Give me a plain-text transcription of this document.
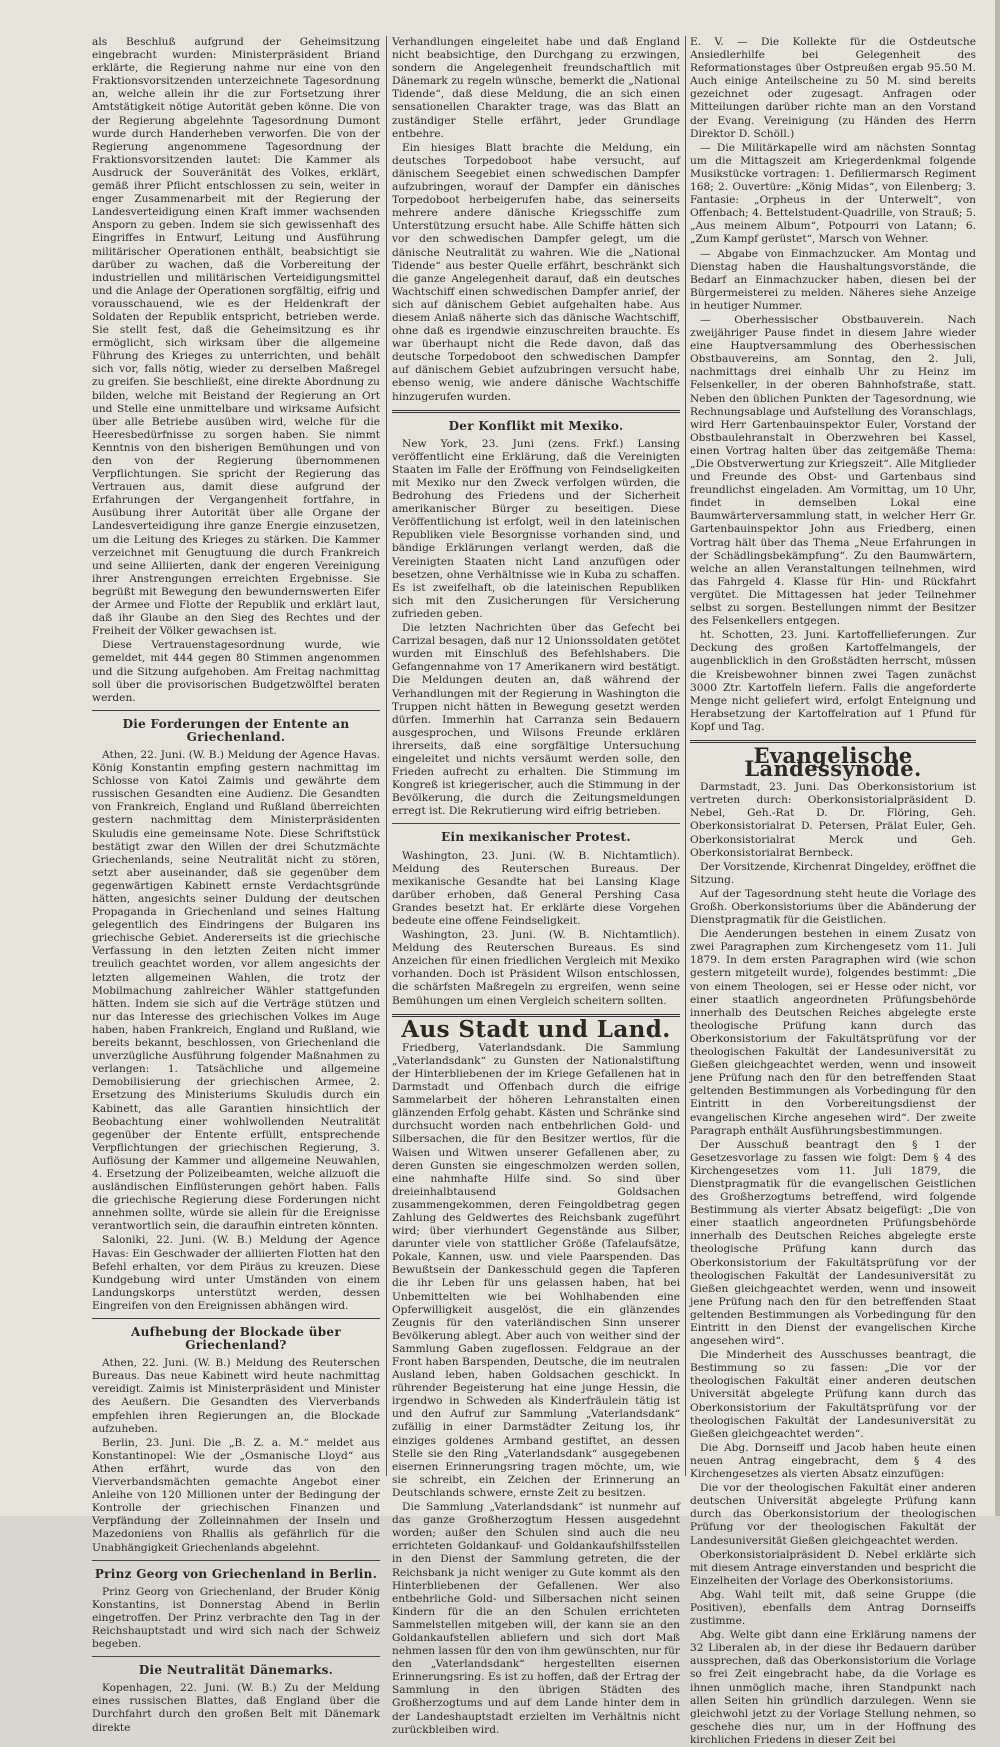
als Beschluß aufgrund der Geheimsitzung eingebracht wurden: Ministerpräsident Briand erklärte, die Regierung nahme nur eine von den Fraktionsvorsitzenden unterzeichnete Tagesordnung an, welche allein ihr die zur Fortsetzung ihrer Amtstätigkeit nötige Autorität geben könne. Die von der Regierung abgelehnte Tagesordnung Dumont wurde durch Handerheben verworfen. Die von der Regierung angenommene Tagesordnung der Fraktionsvorsitzenden lautet: Die Kammer als Ausdruck der Souveränität des Volkes, erklärt, gemäß ihrer Pflicht entschlossen zu sein, weiter in enger Zusammenarbeit mit der Regierung der Landesverteidigung einen Kraft immer wachsenden Ansporn zu geben. Indem sie sich gewissenhaft des Eingriffes in Entwurf, Leitung und Ausführung militärischer Operationen enthält, beabsichtigt sie darüber zu wachen, daß die Vorbereitung der industriellen und militärischen Verteidigungsmittel und die Anlage der Operationen sorgfältig, eifrig und vorausschauend, wie es der Heldenkraft der Soldaten der Republik entspricht, betrieben werde. Sie stellt fest, daß die Geheimsitzung es ihr ermöglicht, sich wirksam über die allgemeine Führung des Krieges zu unterrichten, und behält sich vor, falls nötig, wieder zu derselben Maßregel zu greifen. Sie beschließt, eine direkte Abordnung zu bilden, welche mit Beistand der Regierung an Ort und Stelle eine unmittelbare und wirksame Aufsicht über alle Betriebe ausüben wird, welche für die Heeresbedürfnisse zu sorgen haben. Sie nimmt Kenntnis von den bisherigen Bemühungen und von den von der Regierung übernommenen Verpflichtungen. Sie spricht der Regierung das Vertrauen aus, damit diese aufgrund der Erfahrungen der Vergangenheit fortfahre, in Ausübung ihrer Autorität über alle Organe der Landesverteidigung ihre ganze Energie einzusetzen, um die Leitung des Krieges zu stärken. Die Kammer verzeichnet mit Genugtuung die durch Frankreich und seine Alliierten, dank der engeren Vereinigung ihrer Anstrengungen erreichten Ergebnisse. Sie begrüßt mit Bewegung den bewundernswerten Eifer der Armee und Flotte der Republik und erklärt laut, daß ihr Glaube an den Sieg des Rechtes und der Freiheit der Völker gewachsen ist.

Diese Vertrauenstagesordnung wurde, wie gemeldet, mit 444 gegen 80 Stimmen angenommen und die Sitzung aufgehoben. Am Freitag nachmittag soll über die provisorischen Budgetzwölftel beraten werden.

Die Forderungen der Entente an Griechenland.

Athen, 22. Juni. (W. B.) Meldung der Agence Havas. König Konstantin empfing gestern nachmittag im Schlosse von Katoi Zaimis und gewährte dem russischen Gesandten eine Audienz. Die Gesandten von Frankreich, England und Rußland überreichten gestern nachmittag dem Ministerpräsidenten Skuludis eine gemeinsame Note. Diese Schriftstück bestätigt zwar den Willen der drei Schutzmächte Griechenlands, seine Neutralität nicht zu stören, setzt aber auseinander, daß sie gegenüber dem gegenwärtigen Kabinett ernste Verdachtsgründe hätten, angesichts seiner Duldung der deutschen Propaganda in Griechenland und seines Haltung gelegentlich des Eindringens der Bulgaren ins griechische Gebiet. Andererseits ist die griechische Verfassung in den letzten Zeiten nicht immer treulich geachtet worden, vor allem angesichts der letzten allgemeinen Wahlen, die trotz der Mobilmachung zahlreicher Wähler stattgefunden hätten. Indem sie sich auf die Verträge stützen und nur das Interesse des griechischen Volkes im Auge haben, haben Frankreich, England und Rußland, wie bereits bekannt, beschlossen, von Griechenland die unverzügliche Ausführung folgender Maßnahmen zu verlangen: 1. Tatsächliche und allgemeine Demobilisierung der griechischen Armee, 2. Ersetzung des Ministeriums Skuludis durch ein Kabinett, das alle Garantien hinsichtlich der Beobachtung einer wohlwollenden Neutralität gegenüber der Entente erfüllt, entsprechende Verpflichtungen der griechischen Regierung, 3. Auflösung der Kammer und allgemeine Neuwahlen, 4. Ersetzung der Polizeibeamten, welche allzuoft die ausländischen Einflüsterungen gehört haben. Falls die griechische Regierung diese Forderungen nicht annehmen sollte, würde sie allein für die Ereignisse verantwortlich sein, die daraufhin eintreten könnten.

Saloniki, 22. Juni. (W. B.) Meldung der Agence Havas: Ein Geschwader der alliierten Flotten hat den Befehl erhalten, vor dem Piräus zu kreuzen. Diese Kundgebung wird unter Umständen von einem Landungskorps unterstützt werden, dessen Eingreifen von den Ereignissen abhängen wird.

Aufhebung der Blockade über Griechenland?

Athen, 22. Juni. (W. B.) Meldung des Reuterschen Bureaus. Das neue Kabinett wird heute nachmittag vereidigt. Zaimis ist Ministerpräsident und Minister des Aeußern. Die Gesandten des Vierverbands empfehlen ihren Regierungen an, die Blockade aufzuheben.

Berlin, 23. Juni. Die „B. Z. a. M.“ meldet aus Konstantinopel: Wie der „Osmanische Lloyd“ aus Athen erfährt, wurde das von den Vierverbandsmächten gemachte Angebot einer Anleihe von 120 Millionen unter der Bedingung der Kontrolle der griechischen Finanzen und Verpfändung der Zolleinnahmen der Inseln und Mazedoniens von Rhallis als gefährlich für die Unabhängigkeit Griechenlands abgelehnt.

Prinz Georg von Griechenland in Berlin.

Prinz Georg von Griechenland, der Bruder König Konstantins, ist Donnerstag Abend in Berlin eingetroffen. Der Prinz verbrachte den Tag in der Reichshauptstadt und wird sich nach der Schweiz begeben.

Die Neutralität Dänemarks.

Kopenhagen, 22. Juni. (W. B.) Zu der Meldung eines russischen Blattes, daß England über die Durchfahrt durch den großen Belt mit Dänemark direkte

Verhandlungen eingeleitet habe und daß England nicht beabsichtige, den Durchgang zu erzwingen, sondern die Angelegenheit freundschaftlich mit Dänemark zu regeln wünsche, bemerkt die „National Tidende“, daß diese Meldung, die an sich einen sensationellen Charakter trage, was das Blatt an zuständiger Stelle erfährt, jeder Grundlage entbehre.

Ein hiesiges Blatt brachte die Meldung, ein deutsches Torpedoboot habe versucht, auf dänischem Seegebiet einen schwedischen Dampfer aufzubringen, worauf der Dampfer ein dänisches Torpedoboot herbeigerufen habe, das seinerseits mehrere andere dänische Kriegsschiffe zum Unterstützung ersucht habe. Alle Schiffe hätten sich vor den schwedischen Dampfer gelegt, um die dänische Neutralität zu wahren. Wie die „National Tidende“ aus bester Quelle erfährt, beschränkt sich die ganze Angelegenheit darauf, daß ein deutsches Wachtschiff einen schwedischen Dampfer anrief, der sich auf dänischem Gebiet aufgehalten habe. Aus diesem Anlaß näherte sich das dänische Wachtschiff, ohne daß es irgendwie einzuschreiten brauchte. Es war überhaupt nicht die Rede davon, daß das deutsche Torpedoboot den schwedischen Dampfer auf dänischem Gebiet aufzubringen versucht habe, ebenso wenig, wie andere dänische Wachtschiffe hinzugerufen wurden.

Der Konflikt mit Mexiko.

New York, 23. Juni (zens. Frkf.) Lansing veröffentlicht eine Erklärung, daß die Vereinigten Staaten im Falle der Eröffnung von Feindseligkeiten mit Mexiko nur den Zweck verfolgen würden, die Bedrohung des Friedens und der Sicherheit amerikanischer Bürger zu beseitigen. Diese Veröffentlichung ist erfolgt, weil in den lateinischen Republiken viele Besorgnisse vorhanden sind, und bändige Erklärungen verlangt werden, daß die Vereinigten Staaten nicht Land anzufügen oder besetzen, ohne Verhältnisse wie in Kuba zu schaffen. Es ist zweifelhaft, ob die lateinischen Republiken sich mit den Zusicherungen für Versicherung zufrieden geben.

Die letzten Nachrichten über das Gefecht bei Carrizal besagen, daß nur 12 Unionssoldaten getötet wurden mit Einschluß des Befehlshabers. Die Gefangennahme von 17 Amerikanern wird bestätigt. Die Meldungen deuten an, daß während der Verhandlungen mit der Regierung in Washington die Truppen nicht hätten in Bewegung gesetzt werden dürfen. Immerhin hat Carranza sein Bedauern ausgesprochen, und Wilsons Freunde erklären ihrerseits, daß eine sorgfältige Untersuchung eingeleitet und nichts versäumt werden solle, den Frieden aufrecht zu erhalten. Die Stimmung im Kongreß ist kriegerischer, auch die Stimmung in der Bevölkerung, die durch die Zeitungsmeldungen erregt ist. Die Rekrutierung wird eifrig betrieben.

Ein mexikanischer Protest.

Washington, 23. Juni. (W. B. Nichtamtlich). Meldung des Reuterschen Bureaus. Der mexikanische Gesandte hat bei Lansing Klage darüber erhoben, daß General Pershing Casa Grandes besetzt hat. Er erklärte diese Vorgehen bedeute eine offene Feindseligkeit.

Washington, 23. Juni. (W. B. Nichtamtlich). Meldung des Reuterschen Bureaus. Es sind Anzeichen für einen friedlichen Vergleich mit Mexiko vorhanden. Doch ist Präsident Wilson entschlossen, die schärfsten Maßregeln zu ergreifen, wenn seine Bemühungen um einen Vergleich scheitern sollten.

Aus Stadt und Land.

Friedberg, Vaterlandsdank. Die Sammlung „Vaterlandsdank“ zu Gunsten der Nationalstiftung der Hinterbliebenen der im Kriege Gefallenen hat in Darmstadt und Offenbach durch die eifrige Sammelarbeit der höheren Lehranstalten einen glänzenden Erfolg gehabt. Kästen und Schränke sind durchsucht worden nach entbehrlichen Gold- und Silbersachen, die für den Besitzer wertlos, für die Waisen und Witwen unserer Gefallenen aber, zu deren Gunsten sie eingeschmolzen werden sollen, eine nahmhafte Hilfe sind. So sind über dreieinhalbtausend Goldsachen zusammengekommen, deren Feingoldbetrag gegen Zahlung des Geldwertes des Reichsbank zugeführt wird; über vierhundert Gegenstände aus Silber, darunter viele von stattlicher Größe (Tafelaufsätze, Pokale, Kannen, usw. und viele Paarspenden. Das Bewußtsein der Dankesschuld gegen die Tapferen die ihr Leben für uns gelassen haben, hat bei Unbemittelten wie bei Wohlhabenden eine Opferwilligkeit ausgelöst, die ein glänzendes Zeugnis für den vaterländischen Sinn unserer Bevölkerung ablegt. Aber auch von weither sind der Sammlung Gaben zugeflossen. Feldgraue an der Front haben Barspenden, Deutsche, die im neutralen Ausland leben, haben Goldsachen geschickt. In rührender Begeisterung hat eine junge Hessin, die irgendwo in Schweden als Kinderfräulein tätig ist und den Aufruf zur Sammlung „Vaterlandsdank“ zufällig in einer Darmstädter Zeitung los, ihr einziges goldenes Armband gestiftet, an dessen Stelle sie den Ring „Vaterlandsdank“ ausgegebenen eisernen Erinnerungsring tragen möchte, um, wie sie schreibt, ein Zeichen der Erinnerung an Deutschlands schwere, ernste Zeit zu besitzen.

Die Sammlung „Vaterlandsdank“ ist nunmehr auf das ganze Großherzogtum Hessen ausgedehnt worden; außer den Schulen sind auch die neu errichteten Goldankauf- und Goldankaufshilfsstellen in den Dienst der Sammlung getreten, die der Reichsbank ja nicht weniger zu Gute kommt als den Hinterbliebenen der Gefallenen. Wer also entbehrliche Gold- und Silbersachen nicht seinen Kindern für die an den Schulen errichteten Sammelstellen mitgeben will, der kann sie an den Goldankaufstellen abliefern und sich dort Maß nehmen lassen für den von ihm gewünschten, nur für den „Vaterlandsdank“ hergestellten eisernen Erinnerungsring. Es ist zu hoffen, daß der Ertrag der Sammlung in den übrigen Städten des Großherzogtums und auf dem Lande hinter dem in der Landeshauptstadt erzielten im Verhältnis nicht zurückbleiben wird.

E. V. — Die Kollekte für die Ostdeutsche Ansiedlerhilfe bei Gelegenheit des Reformationstages über Ostpreußen ergab 95.50 M. Auch einige Anteilscheine zu 50 M. sind bereits gezeichnet oder zugesagt. Anfragen oder Mitteilungen darüber richte man an den Vorstand der Evang. Vereinigung (zu Händen des Herrn Direktor D. Schöll.)

— Die Militärkapelle wird am nächsten Sonntag um die Mittagszeit am Kriegerdenkmal folgende Musikstücke vortragen: 1. Defiliermarsch Regiment 168; 2. Ouvertüre: „König Midas“, von Eilenberg; 3. Fantasie: „Orpheus in der Unterwelt“, von Offenbach; 4. Bettelstudent-Quadrille, von Strauß; 5. „Aus meinem Album“, Potpourri von Latann; 6. „Zum Kampf gerüstet“, Marsch von Wehner.

— Abgabe von Einmachzucker. Am Montag und Dienstag haben die Haushaltungsvorstände, die Bedarf an Einmachzucker haben, diesen bei der Bürgermeisterei zu melden. Näheres siehe Anzeige in heutiger Nummer.

— Oberhessischer Obstbauverein. Nach zweijähriger Pause findet in diesem Jahre wieder eine Hauptversammlung des Oberhessischen Obstbauvereins, am Sonntag, den 2. Juli, nachmittags drei einhalb Uhr zu Heinz im Felsenkeller, in der oberen Bahnhofstraße, statt. Neben den üblichen Punkten der Tagesordnung, wie Rechnungsablage und Aufstellung des Voranschlags, wird Herr Gartenbauinspektor Euler, Vorstand der Obstbaulehranstalt in Oberzwehren bei Kassel, einen Vortrag halten über das zeitgemäße Thema: „Die Obstverwertung zur Kriegszeit“. Alle Mitglieder und Freunde des Obst- und Gartenbaus sind freundlichst eingeladen. Am Vormittag, um 10 Uhr, findet in demselben Lokal eine Baumwärterversammlung statt, in welcher Herr Gr. Gartenbauinspektor John aus Friedberg, einen Vortrag hält über das Thema „Neue Erfahrungen in der Schädlingsbekämpfung“. Zu den Baumwärtern, welche an allen Veranstaltungen teilnehmen, wird das Fahrgeld 4. Klasse für Hin- und Rückfahrt vergütet. Die Mittagessen hat jeder Teilnehmer selbst zu sorgen. Bestellungen nimmt der Besitzer des Felsenkellers entgegen.

ht. Schotten, 23. Juni. Kartoffellieferungen. Zur Deckung des großen Kartoffelmangels, der augenblicklich in den Großstädten herrscht, müssen die Kreisbewohner binnen zwei Tagen zunächst 3000 Ztr. Kartoffeln liefern. Falls die angeforderte Menge nicht geliefert wird, erfolgt Enteignung und Herabsetzung der Kartoffelration auf 1 Pfund für Kopf und Tag.

Evangelische Landessynode.

Darmstadt, 23. Juni. Das Oberkonsistorium ist vertreten durch: Oberkonsistorialpräsident D. Nebel, Geh.-Rat D. Dr. Flöring, Geh. Oberkonsistorialrat D. Petersen, Prälat Euler, Geh. Oberkonsistorialrat Merck und Geh. Oberkonsistorialrat Bernbeck.

Der Vorsitzende, Kirchenrat Dingeldey, eröffnet die Sitzung.

Auf der Tagesordnung steht heute die Vorlage des Großh. Oberkonsistoriums über die Abänderung der Dienstpragmatik für die Geistlichen.

Die Aenderungen bestehen in einem Zusatz von zwei Paragraphen zum Kirchengesetz vom 11. Juli 1879. In dem ersten Paragraphen wird (wie schon gestern mitgeteilt wurde), folgendes bestimmt: „Die von einem Theologen, sei er Hesse oder nicht, vor einer staatlich angeordneten Prüfungsbehörde innerhalb des Deutschen Reiches abgelegte erste theologische Prüfung kann durch das Oberkonsistorium der Fakultätsprüfung vor der theologischen Fakultät der Landesuniversität zu Gießen gleichgeachtet werden, wenn und insoweit jene Prüfung nach den für den betreffenden Staat geltenden Bestimmungen als Vorbedingung für den Eintritt in den Vorbereitungsdienst der evangelischen Kirche angesehen wird“. Der zweite Paragraph enthält Ausführungsbestimmungen.

Der Ausschuß beantragt den § 1 der Gesetzesvorlage zu fassen wie folgt: Dem § 4 des Kirchengesetzes vom 11. Juli 1879, die Dienstpragmatik für die evangelischen Geistlichen des Großherzogtums betreffend, wird folgende Bestimmung als vierter Absatz beigefügt: „Die von einer staatlich angeordneten Prüfungsbehörde innerhalb des Deutschen Reiches abgelegte erste theologische Prüfung kann durch das Oberkonsistorium der Fakultätsprüfung vor der theologischen Fakultät der Landesuniversität zu Gießen gleichgeachtet werden, wenn und insoweit jene Prüfung nach den für den betreffenden Staat geltenden Bestimmungen als Vorbedingung für den Eintritt in den Dienst der evangelischen Kirche angesehen wird“.

Die Minderheit des Ausschusses beantragt, die Bestimmung so zu fassen: „Die vor der theologischen Fakultät einer anderen deutschen Universität abgelegte Prüfung kann durch das Oberkonsistorium der Fakultätsprüfung vor der theologischen Fakultät der Landesuniversität zu Gießen gleichgeachtet werden“.

Die Abg. Dornseiff und Jacob haben heute einen neuen Antrag eingebracht, dem § 4 des Kirchengesetzes als vierten Absatz einzufügen:

Die vor der theologischen Fakultät einer anderen deutschen Universität abgelegte Prüfung kann durch das Oberkonsistorium der theologischen Prüfung vor der theologischen Fakultät der Landesuniversität Gießen gleichgeachtet werden.

Oberkonsistorialpräsident D. Nebel erklärte sich mit diesem Antrage einverstanden und bespricht die Einzelheiten der Vorlage des Oberkonsistoriums.

Abg. Wahl teilt mit, daß seine Gruppe (die Positiven), ebenfalls dem Antrag Dornseiffs zustimme.

Abg. Welte gibt dann eine Erklärung namens der 32 Liberalen ab, in der diese ihr Bedauern darüber aussprechen, daß das Oberkonsistorium die Vorlage so frei Zeit eingebracht habe, da die Vorlage es ihnen unmöglich mache, ihren Standpunkt nach allen Seiten hin gründlich darzulegen. Wenn sie gleichwohl jetzt zu der Vorlage Stellung nehmen, so geschehe dies nur, um in der Hoffnung des kirchlichen Friedens in dieser Zeit bei
